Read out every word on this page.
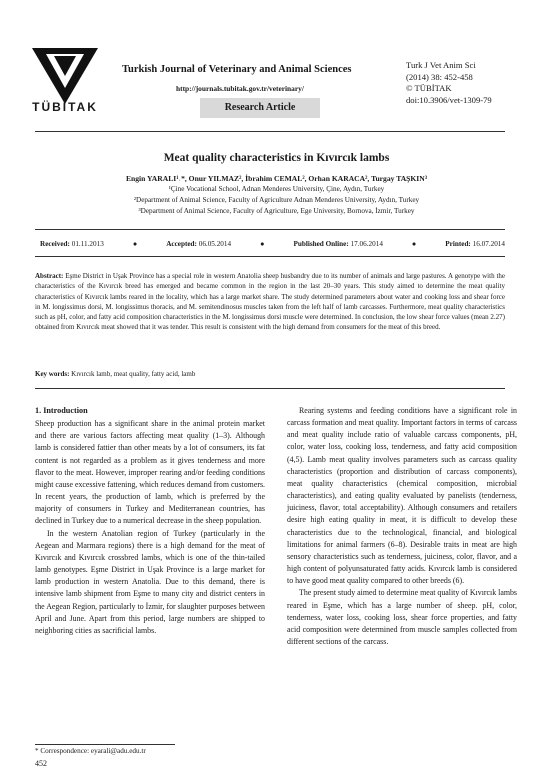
TÜBİTAK
Turkish Journal of Veterinary and Animal Sciences
http://journals.tubitak.gov.tr/veterinary/
Research Article
Turk J Vet Anim Sci
(2014) 38: 452-458
© TÜBİTAK
doi:10.3906/vet-1309-79
Meat quality characteristics in Kıvırcık lambs
Engin YARALI¹˒*, Onur YILMAZ², İbrahim CEMAL², Orhan KARACA², Turgay TAŞKIN³
¹Çine Vocational School, Adnan Menderes University, Çine, Aydın, Turkey
²Department of Animal Science, Faculty of Agriculture Adnan Menderes University, Aydın, Turkey
³Department of Animal Science, Faculty of Agriculture, Ege University, Bornova, İzmir, Turkey
Received: 01.11.2013	●	Accepted: 06.05.2014	●	Published Online: 17.06.2014	●	Printed: 16.07.2014
Abstract: Eşme District in Uşak Province has a special role in western Anatolia sheep husbandry due to its number of animals and large pastures. A genotype with the characteristics of the Kıvırcık breed has emerged and became common in the region in the last 20–30 years. This study aimed to determine the meat quality characteristics of Kıvırcık lambs reared in the locality, which has a large market share. The study determined parameters about water and cooking loss and shear force in M. longissimus dorsi, M. longissimus thoracis, and M. semitendinosus muscles taken from the left half of lamb carcasses. Furthermore, meat quality characteristics such as pH, color, and fatty acid composition characteristics in the M. longissimus dorsi muscle were determined. In conclusion, the low shear force values (mean 2.27) obtained from Kıvırcık meat showed that it was tender. This result is consistent with the high demand from consumers for the meat of this breed.
Key words: Kıvırcık lamb, meat quality, fatty acid, lamb
1. Introduction

Sheep production has a significant share in the animal protein market and there are various factors affecting meat quality (1–3). Although lamb is considered fattier than other meats by a lot of consumers, its fat content is not regarded as a problem as it gives tenderness and more flavor to the meat. However, improper rearing and/or feeding conditions might cause excessive fattening, which reduces demand from customers. In recent years, the production of lamb, which is preferred by the majority of consumers in Turkey and Mediterranean countries, has declined in Turkey due to a numerical decrease in the sheep population.

In the western Anatolian region of Turkey (particularly in the Aegean and Marmara regions) there is a high demand for the meat of Kıvırcık and Kıvırcık crossbred lambs, which is one of the thin-tailed lamb genotypes. Eşme District in Uşak Province is a large market for lamb production in western Anatolia. Due to this demand, there is intensive lamb shipment from Eşme to many city and district centers in the Aegean Region, particularly to İzmir, for slaughter purposes between April and June. Apart from this period, large numbers are shipped to neighboring cities as sacrificial lambs.

Rearing systems and feeding conditions have a significant role in carcass formation and meat quality. Important factors in terms of carcass and meat quality include ratio of valuable carcass components, pH, color, water loss, cooking loss, tenderness, and fatty acid composition (4,5). Lamb meat quality involves parameters such as carcass quality characteristics (proportion and distribution of carcass components), meat quality characteristics (chemical composition, microbial characteristics), and eating quality evaluated by panelists (tenderness, juiciness, flavor, total acceptability). Although consumers and retailers desire high eating quality in meat, it is difficult to develop these characteristics due to the technological, financial, and biological limitations for animal farmers (6–8). Desirable traits in meat are high sensory characteristics such as tenderness, juiciness, color, flavor, and a high content of polyunsaturated fatty acids. Kıvırcık lamb is considered to have good meat quality compared to other breeds (6).

The present study aimed to determine meat quality of Kıvırcık lambs reared in Eşme, which has a large number of sheep. pH, color, tenderness, water loss, cooking loss, shear force properties, and fatty acid composition were determined from muscle samples collected from different sections of the carcass.

* Correspondence: eyarali@adu.edu.tr
452
